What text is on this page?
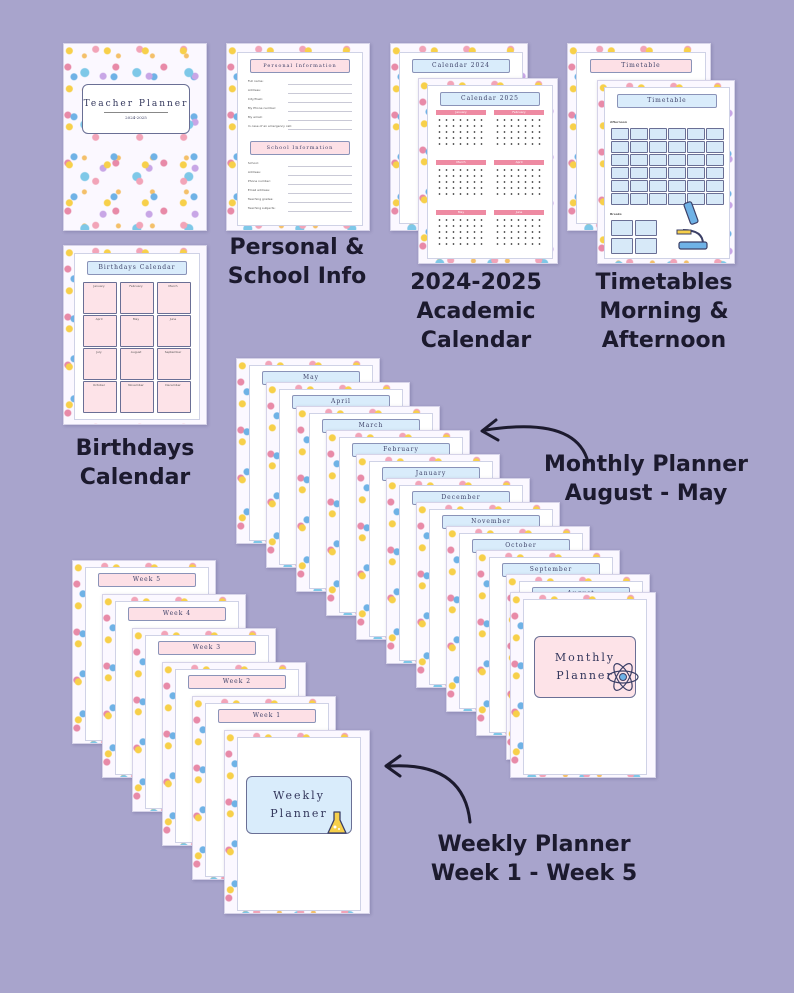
Teacher Planner
2024-2025
Personal Information
Full name:
Address:
City/Town:
My Phone number:
My email:
In case of an emergency call:
School Information
School:
Address:
Phone number:
Email address:
Teaching grades:
Teaching subjects:
Calendar 2024
Calendar 2025
January	February
March	April
May	June
Timetable
Timetable
Afternoon
Breaks
Birthdays Calendar
January	February	March
April	May	June
July	August	September
October	November	December
Personal &
School Info	2024-2025
Academic
Calendar
Timetables
Morning &
Afternoon
Birthdays
Calendar
May
April
March
February
January
December
November
October
September
Monthly
Planner
Monthly Planner
August - May
Week 5
Week 4
Week 3
Week 2
Week 1
Weekly
Planner
Weekly Planner
Week 1 - Week 5
